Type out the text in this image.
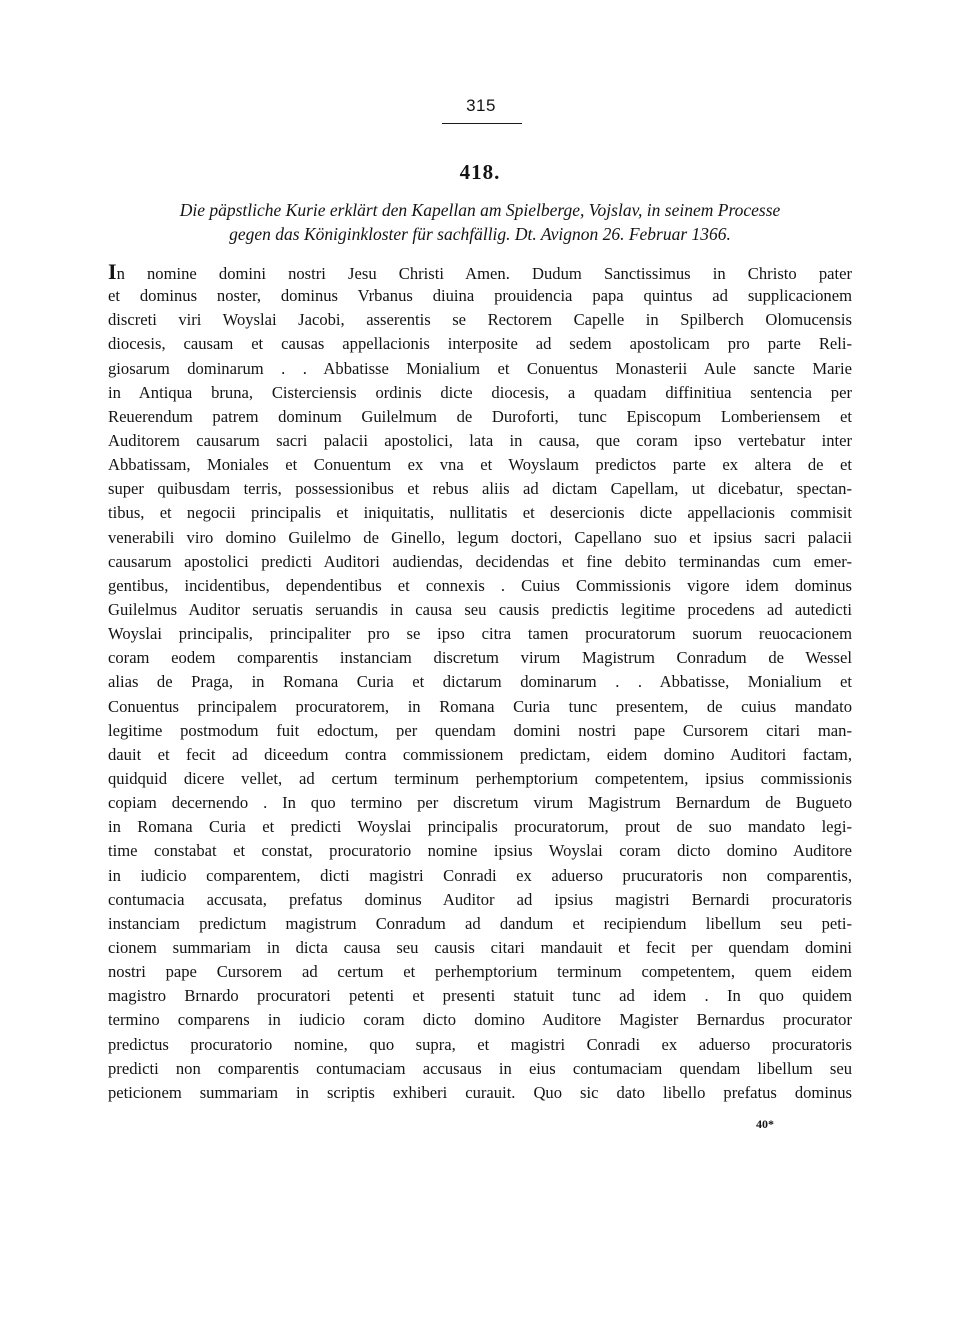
315
418.
Die päpstliche Kurie erklärt den Kapellan am Spielberge, Vojslav, in seinem Processe
gegen das Königinkloster für sachfällig. Dt. Avignon 26. Februar 1366.
In nomine domini nostri Jesu Christi Amen. Dudum Sanctissimus in Christo pater
et dominus noster, dominus Vrbanus diuina prouidencia papa quintus ad supplicacionem
discreti viri Woyslai Jacobi, asserentis se Rectorem Capelle in Spilberch Olomucensis
diocesis, causam et causas appellacionis interposite ad sedem apostolicam pro parte Reli-
giosarum dominarum . . Abbatisse Monialium et Conuentus Monasterii Aule sancte Marie
in Antiqua bruna, Cisterciensis ordinis dicte diocesis, a quadam diffinitiua sentencia per
Reuerendum patrem dominum Guilelmum de Duroforti, tunc Episcopum Lomberiensem et
Auditorem causarum sacri palacii apostolici, lata in causa, que coram ipso vertebatur inter
Abbatissam, Moniales et Conuentum ex vna et Woyslaum predictos parte ex altera de et
super quibusdam terris, possessionibus et rebus aliis ad dictam Capellam, ut dicebatur, spectan-
tibus, et negocii principalis et iniquitatis, nullitatis et desercionis dicte appellacionis commisit
venerabili viro domino Guilelmo de Ginello, legum doctori, Capellano suo et ipsius sacri palacii
causarum apostolici predicti Auditori audiendas, decidendas et fine debito terminandas cum emer-
gentibus, incidentibus, dependentibus et connexis . Cuius Commissionis vigore idem dominus
Guilelmus Auditor seruatis seruandis in causa seu causis predictis legitime procedens ad autedicti
Woyslai principalis, principaliter pro se ipso citra tamen procuratorum suorum reuocacionem
coram eodem comparentis instanciam discretum virum Magistrum Conradum de Wessel
alias de Praga, in Romana Curia et dictarum dominarum . . Abbatisse, Monialium et
Conuentus principalem procuratorem, in Romana Curia tunc presentem, de cuius mandato
legitime postmodum fuit edoctum, per quendam domini nostri pape Cursorem citari man-
dauit et fecit ad diceedum contra commissionem predictam, eidem domino Auditori factam,
quidquid dicere vellet, ad certum terminum perhemptorium competentem, ipsius commissionis
copiam decernendo . In quo termino per discretum virum Magistrum Bernardum de Bugueto
in Romana Curia et predicti Woyslai principalis procuratorum, prout de suo mandato legi-
time constabat et constat, procuratorio nomine ipsius Woyslai coram dicto domino Auditore
in iudicio comparentem, dicti magistri Conradi ex aduerso prucuratoris non comparentis,
contumacia accusata, prefatus dominus Auditor ad ipsius magistri Bernardi procuratoris
instanciam predictum magistrum Conradum ad dandum et recipiendum libellum seu peti-
cionem summariam in dicta causa seu causis citari mandauit et fecit per quendam domini
nostri pape Cursorem ad certum et perhemptorium terminum competentem, quem eidem
magistro Brnardo procuratori petenti et presenti statuit tunc ad idem . In quo quidem
termino comparens in iudicio coram dicto domino Auditore Magister Bernardus procurator
predictus procuratorio nomine, quo supra, et magistri Conradi ex aduerso procuratoris
predicti non comparentis contumaciam accusaus in eius contumaciam quendam libellum seu
peticionem summariam in scriptis exhiberi curauit. Quo sic dato libello prefatus dominus
40*
